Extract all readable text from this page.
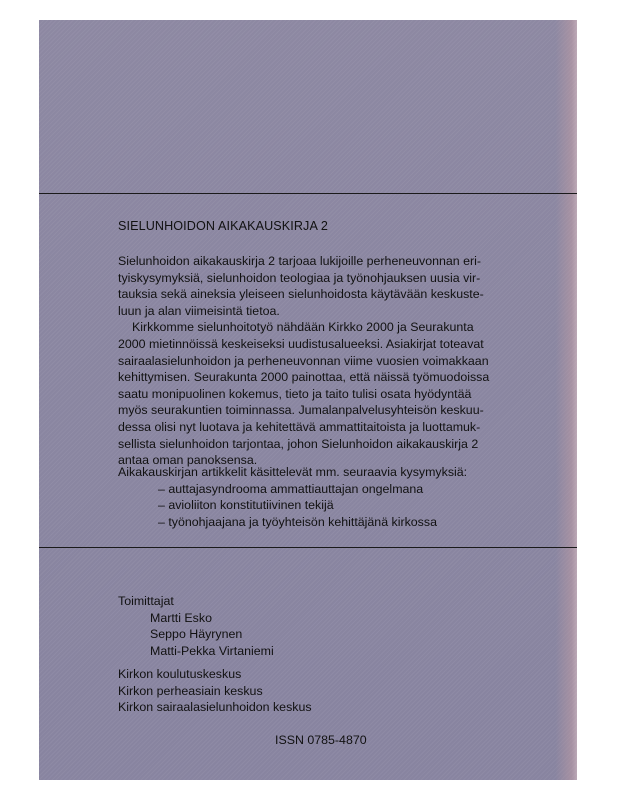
SIELUNHOIDON AIKAKAUSKIRJA 2

Sielunhoidon aikakauskirja 2 tarjoaa lukijoille perheneuvonnan eri-
tyiskysymyksiä, sielunhoidon teologiaa ja työnohjauksen uusia vir-
tauksia sekä aineksia yleiseen sielunhoidosta käytävään keskuste-
luun ja alan viimeisintä tietoa.

Kirkkomme sielunhoitotyö nähdään Kirkko 2000 ja Seurakunta
2000 mietinnöissä keskeiseksi uudistusalueeksi. Asiakirjat toteavat
sairaalasielunhoidon ja perheneuvonnan viime vuosien voimakkaan
kehittymisen. Seurakunta 2000 painottaa, että näissä työmuodoissa
saatu monipuolinen kokemus, tieto ja taito tulisi osata hyödyntää
myös seurakuntien toiminnassa. Jumalanpalvelusyhteisön keskuu-
dessa olisi nyt luotava ja kehitettävä ammattitaitoista ja luottamuk-
sellista sielunhoidon tarjontaa, johon Sielunhoidon aikakauskirja 2
antaa oman panoksensa.

Aikakauskirjan artikkelit käsittelevät mm. seuraavia kysymyksiä:
– auttajasyndrooma ammattiauttajan ongelmana
– avioliiton konstitutiivinen tekijä
– työnohjaajana ja työyhteisön kehittäjänä kirkossa
Toimittajat
Martti Esko
Seppo Häyrynen
Matti-Pekka Virtaniemi
Kirkon koulutuskeskus
Kirkon perheasiain keskus
Kirkon sairaalasielunhoidon keskus
ISSN 0785-4870
